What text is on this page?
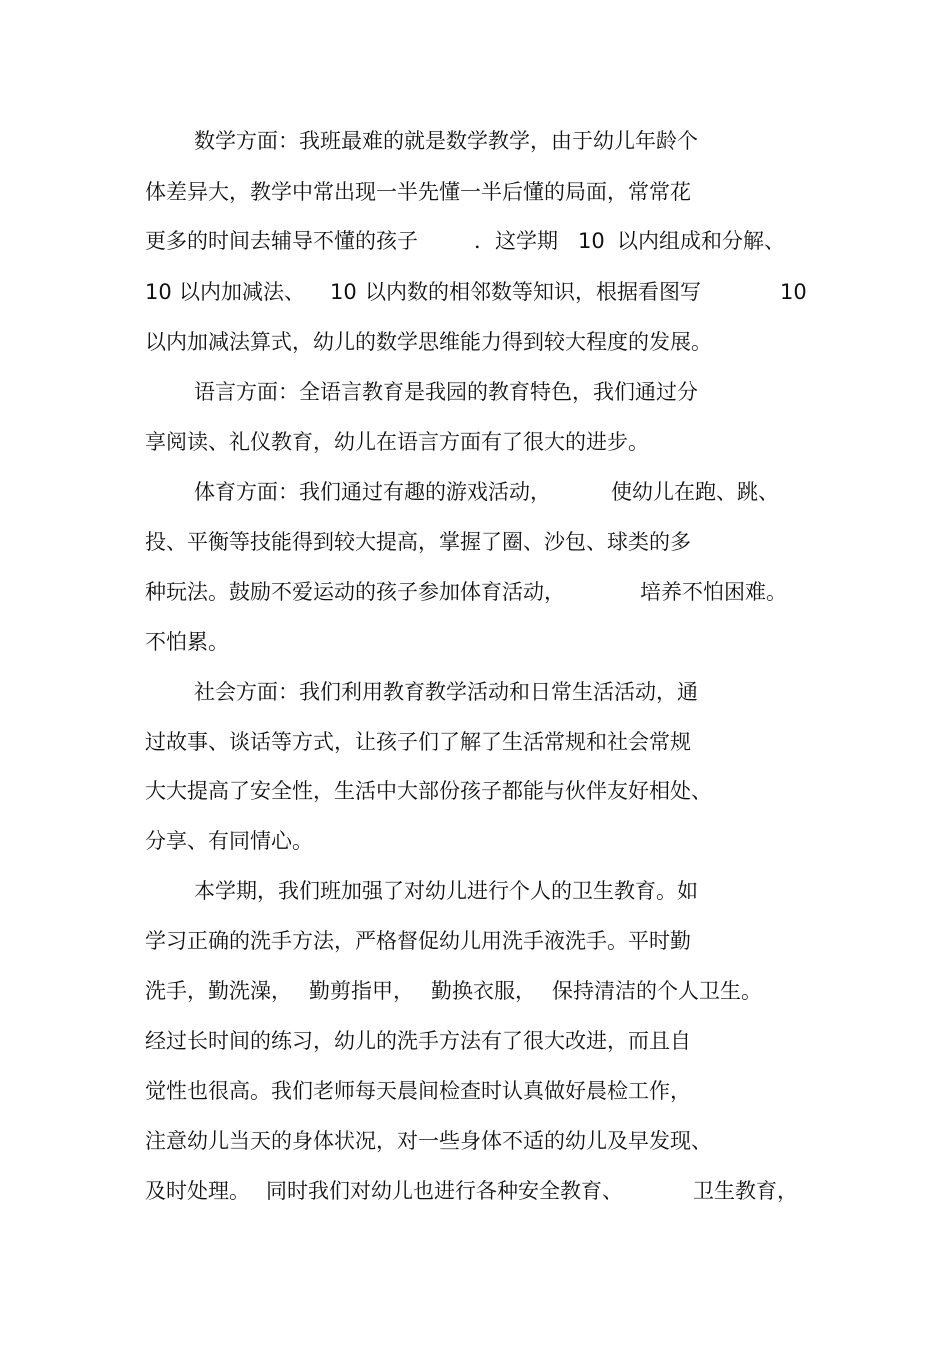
数学方面：我班最难的就是数学教学，由于幼儿年龄个

体差异大，教学中常出现一半先懂一半后懂的局面，常常花

更多的时间去辅导不懂的孩子

	．这学期

10

以内组成和分解、

10

以内加减法、

10

以内数的相邻数等知识，根据看图写

	10

以内加减法算式，幼儿的数学思维能力得到较大程度的发展。

语言方面：全语言教育是我园的教育特色，我们通过分

享阅读、礼仪教育，幼儿在语言方面有了很大的进步。

体育方面：我们通过有趣的游戏活动，

	使幼儿在跑、跳、

投、平衡等技能得到较大提高，掌握了圈、沙包、球类的多

种玩法。鼓励不爱运动的孩子参加体育活动，

	培养不怕困难。

不怕累。

社会方面：我们利用教育教学活动和日常生活活动，通

过故事、谈话等方式，让孩子们了解了生活常规和社会常规

大大提高了安全性，生活中大部份孩子都能与伙伴友好相处、

分享、有同情心。

本学期，我们班加强了对幼儿进行个人的卫生教育。如

学习正确的洗手方法，严格督促幼儿用洗手液洗手。平时勤

洗手，勤洗澡，

勤剪指甲，

勤换衣服，

保持清洁的个人卫生。

经过长时间的练习，幼儿的洗手方法有了很大改进，而且自

觉性也很高。我们老师每天晨间检查时认真做好晨检工作，

注意幼儿当天的身体状况，对一些身体不适的幼儿及早发现、

及时处理。

同时我们对幼儿也进行各种安全教育、

	卫生教育，
